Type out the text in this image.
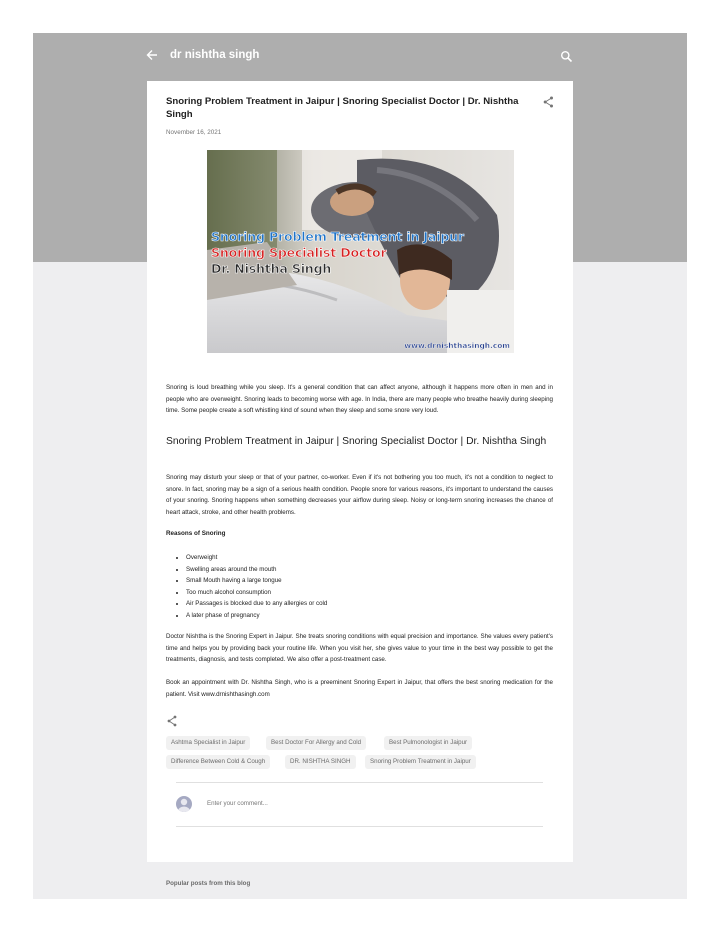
dr nishtha singh
Snoring Problem Treatment in Jaipur | Snoring Specialist Doctor | Dr. Nishtha Singh
November 16, 2021
Snoring Problem Treatment in Jaipur
Snoring Specialist Doctor
Dr. Nishtha Singh
www.drnishthasingh.com
Snoring is loud breathing while you sleep. It's a general condition that can affect anyone, although it happens more often in men and in people who are overweight. Snoring leads to becoming worse with age. In India, there are many people who breathe heavily during sleeping time. Some people create a soft whistling kind of sound when they sleep and some snore very loud.
Snoring Problem Treatment in Jaipur | Snoring Specialist Doctor | Dr. Nishtha Singh
Snoring may disturb your sleep or that of your partner, co-worker. Even if it's not bothering you too much, it's not a condition to neglect to snore. In fact, snoring may be a sign of a serious health condition. People snore for various reasons, it's important to understand the causes of your snoring. Snoring happens when something decreases your airflow during sleep. Noisy or long-term snoring increases the chance of heart attack, stroke, and other health problems.
Reasons of Snoring
• Overweight
• Swelling areas around the mouth
• Small Mouth having a large tongue
• Too much alcohol consumption
• Air Passages is blocked due to any allergies or cold
• A later phase of pregnancy
Doctor Nishtha is the Snoring Expert in Jaipur. She treats snoring conditions with equal precision and importance. She values every patient's time and helps you by providing back your routine life. When you visit her, she gives value to your time in the best way possible to get the treatments, diagnosis, and tests completed. We also offer a post-treatment case.
Book an appointment with Dr. Nishtha Singh, who is a preeminent Snoring Expert in Jaipur, that offers the best snoring medication for the patient. Visit www.drnishthasingh.com
Ashtma Specialist in Jaipur	Best Doctor For Allergy and Cold	Best Pulmonologist in Jaipur
Difference Between Cold & Cough	DR. NISHTHA SINGH	Snoring Problem Treatment in Jaipur
Enter your comment...
Popular posts from this blog
